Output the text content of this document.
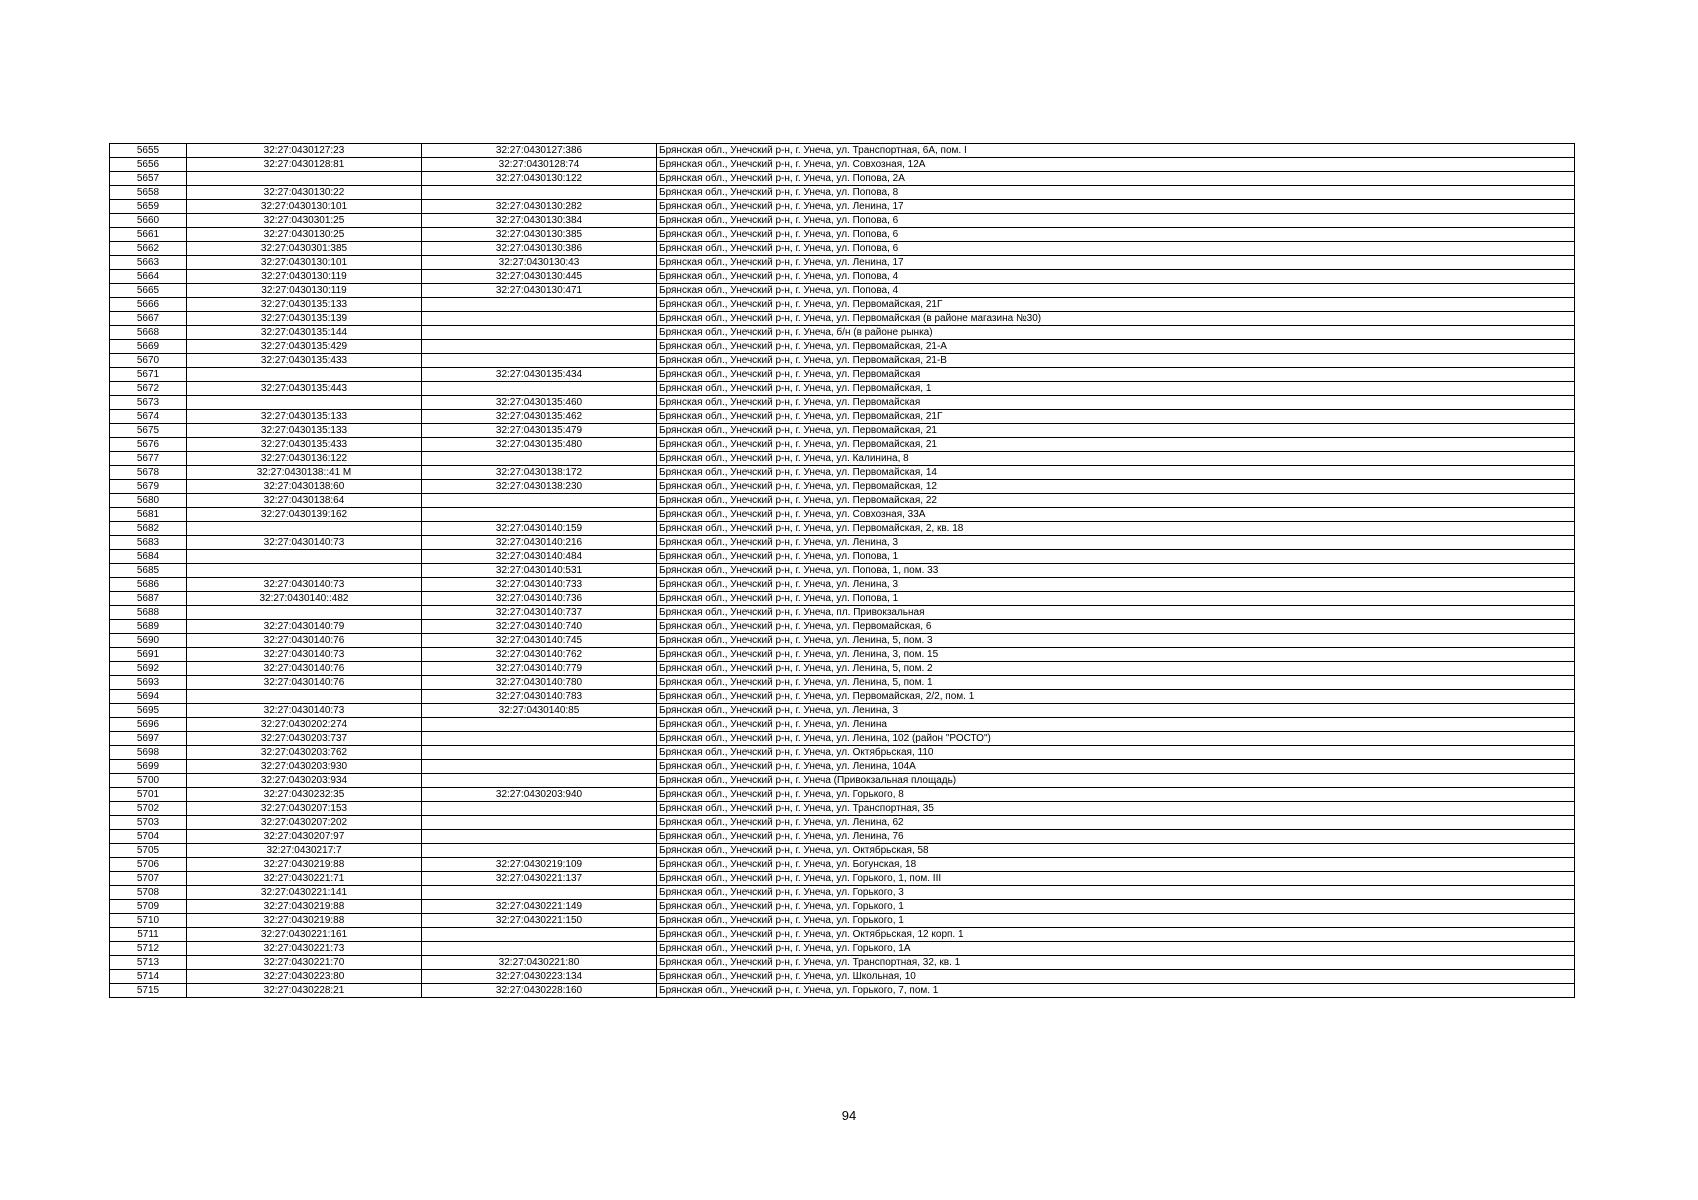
5655	32:27:0430127:23	32:27:0430127:386	Брянская обл., Унечский р-н, г. Унеча, ул. Транспортная, 6А, пом. I
5656	32:27:0430128:81	32:27:0430128:74	Брянская обл., Унечский р-н, г. Унеча, ул. Совхозная, 12А
5657		32:27:0430130:122	Брянская обл., Унечский р-н, г. Унеча, ул. Попова, 2А
5658	32:27:0430130:22		Брянская обл., Унечский р-н, г. Унеча, ул. Попова, 8
5659	32:27:0430130:101	32:27:0430130:282	Брянская обл., Унечский р-н, г. Унеча, ул. Ленина, 17
5660	32:27:0430301:25	32:27:0430130:384	Брянская обл., Унечский р-н, г. Унеча, ул. Попова, 6
5661	32:27:0430130:25	32:27:0430130:385	Брянская обл., Унечский р-н, г. Унеча, ул. Попова, 6
5662	32:27:0430301:385	32:27:0430130:386	Брянская обл., Унечский р-н, г. Унеча, ул. Попова, 6
5663	32:27:0430130:101	32:27:0430130:43	Брянская обл., Унечский р-н, г. Унеча, ул. Ленина, 17
5664	32:27:0430130:119	32:27:0430130:445	Брянская обл., Унечский р-н, г. Унеча, ул. Попова, 4
5665	32:27:0430130:119	32:27:0430130:471	Брянская обл., Унечский р-н, г. Унеча, ул. Попова, 4
5666	32:27:0430135:133		Брянская обл., Унечский р-н, г. Унеча, ул. Первомайская, 21Г
5667	32:27:0430135:139		Брянская обл., Унечский р-н, г. Унеча, ул. Первомайская (в районе магазина №30)
5668	32:27:0430135:144		Брянская обл., Унечский р-н, г. Унеча, б/н (в районе рынка)
5669	32:27:0430135:429		Брянская обл., Унечский р-н, г. Унеча, ул. Первомайская, 21-А
5670	32:27:0430135:433		Брянская обл., Унечский р-н, г. Унеча, ул. Первомайская, 21-В
5671		32:27:0430135:434	Брянская обл., Унечский р-н, г. Унеча, ул. Первомайская
5672	32:27:0430135:443		Брянская обл., Унечский р-н, г. Унеча, ул. Первомайская, 1
5673		32:27:0430135:460	Брянская обл., Унечский р-н, г. Унеча, ул. Первомайская
5674	32:27:0430135:133	32:27:0430135:462	Брянская обл., Унечский р-н, г. Унеча, ул. Первомайская, 21Г
5675	32:27:0430135:133	32:27:0430135:479	Брянская обл., Унечский р-н, г. Унеча, ул. Первомайская, 21
5676	32:27:0430135:433	32:27:0430135:480	Брянская обл., Унечский р-н, г. Унеча, ул. Первомайская, 21
5677	32:27:0430136:122		Брянская обл., Унечский р-н, г. Унеча, ул. Калинина, 8
5678	32:27:0430138::41 М	32:27:0430138:172	Брянская обл., Унечский р-н, г. Унеча, ул. Первомайская, 14
5679	32:27:0430138:60	32:27:0430138:230	Брянская обл., Унечский р-н, г. Унеча, ул. Первомайская, 12
5680	32:27:0430138:64		Брянская обл., Унечский р-н, г. Унеча, ул. Первомайская, 22
5681	32:27:0430139:162		Брянская обл., Унечский р-н, г. Унеча, ул. Совхозная, 33А
5682		32:27:0430140:159	Брянская обл., Унечский р-н, г. Унеча, ул. Первомайская, 2, кв. 18
5683	32:27:0430140:73	32:27:0430140:216	Брянская обл., Унечский р-н, г. Унеча, ул. Ленина, 3
5684		32:27:0430140:484	Брянская обл., Унечский р-н, г. Унеча, ул. Попова, 1
5685		32:27:0430140:531	Брянская обл., Унечский р-н, г. Унеча, ул. Попова, 1, пом. 33
5686	32:27:0430140:73	32:27:0430140:733	Брянская обл., Унечский р-н, г. Унеча, ул. Ленина, 3
5687	32:27:0430140::482	32:27:0430140:736	Брянская обл., Унечский р-н, г. Унеча, ул. Попова, 1
5688		32:27:0430140:737	Брянская обл., Унечский р-н, г. Унеча, пл. Привокзальная
5689	32:27:0430140:79	32:27:0430140:740	Брянская обл., Унечский р-н, г. Унеча, ул. Первомайская, 6
5690	32:27:0430140:76	32:27:0430140:745	Брянская обл., Унечский р-н, г. Унеча, ул. Ленина, 5, пом. 3
5691	32:27:0430140:73	32:27:0430140:762	Брянская обл., Унечский р-н, г. Унеча, ул. Ленина, 3, пом. 15
5692	32:27:0430140:76	32:27:0430140:779	Брянская обл., Унечский р-н, г. Унеча, ул. Ленина, 5, пом. 2
5693	32:27:0430140:76	32:27:0430140:780	Брянская обл., Унечский р-н, г. Унеча, ул. Ленина, 5, пом. 1
5694		32:27:0430140:783	Брянская обл., Унечский р-н, г. Унеча, ул. Первомайская, 2/2, пом. 1
5695	32:27:0430140:73	32:27:0430140:85	Брянская обл., Унечский р-н, г. Унеча, ул. Ленина, 3
5696	32:27:0430202:274		Брянская обл., Унечский р-н, г. Унеча, ул. Ленина
5697	32:27:0430203:737		Брянская обл., Унечский р-н, г. Унеча, ул. Ленина, 102 (район "РОСТО")
5698	32:27:0430203:762		Брянская обл., Унечский р-н, г. Унеча, ул. Октябрьская, 110
5699	32:27:0430203:930		Брянская обл., Унечский р-н, г. Унеча, ул. Ленина, 104А
5700	32:27:0430203:934		Брянская обл., Унечский р-н, г. Унеча (Привокзальная площадь)
5701	32:27:0430232:35	32:27:0430203:940	Брянская обл., Унечский р-н, г. Унеча, ул. Горького, 8
5702	32:27:0430207:153		Брянская обл., Унечский р-н, г. Унеча, ул. Транспортная, 35
5703	32:27:0430207:202		Брянская обл., Унечский р-н, г. Унеча, ул. Ленина, 62
5704	32:27:0430207:97		Брянская обл., Унечский р-н, г. Унеча, ул. Ленина, 76
5705	32:27:0430217:7		Брянская обл., Унечский р-н, г. Унеча, ул. Октябрьская, 58
5706	32:27:0430219:88	32:27:0430219:109	Брянская обл., Унечский р-н, г. Унеча, ул. Богунская, 18
5707	32:27:0430221:71	32:27:0430221:137	Брянская обл., Унечский р-н, г. Унеча, ул. Горького, 1, пом. III
5708	32:27:0430221:141		Брянская обл., Унечский р-н, г. Унеча, ул. Горького, 3
5709	32:27:0430219:88	32:27:0430221:149	Брянская обл., Унечский р-н, г. Унеча, ул. Горького, 1
5710	32:27:0430219:88	32:27:0430221:150	Брянская обл., Унечский р-н, г. Унеча, ул. Горького, 1
5711	32:27:0430221:161		Брянская обл., Унечский р-н, г. Унеча, ул. Октябрьская, 12 корп. 1
5712	32:27:0430221:73		Брянская обл., Унечский р-н, г. Унеча, ул. Горького, 1А
5713	32:27:0430221:70	32:27:0430221:80	Брянская обл., Унечский р-н, г. Унеча, ул. Транспортная, 32, кв. 1
5714	32:27:0430223:80	32:27:0430223:134	Брянская обл., Унечский р-н, г. Унеча, ул. Школьная, 10
5715	32:27:0430228:21	32:27:0430228:160	Брянская обл., Унечский р-н, г. Унеча, ул. Горького, 7, пом. 1
94
